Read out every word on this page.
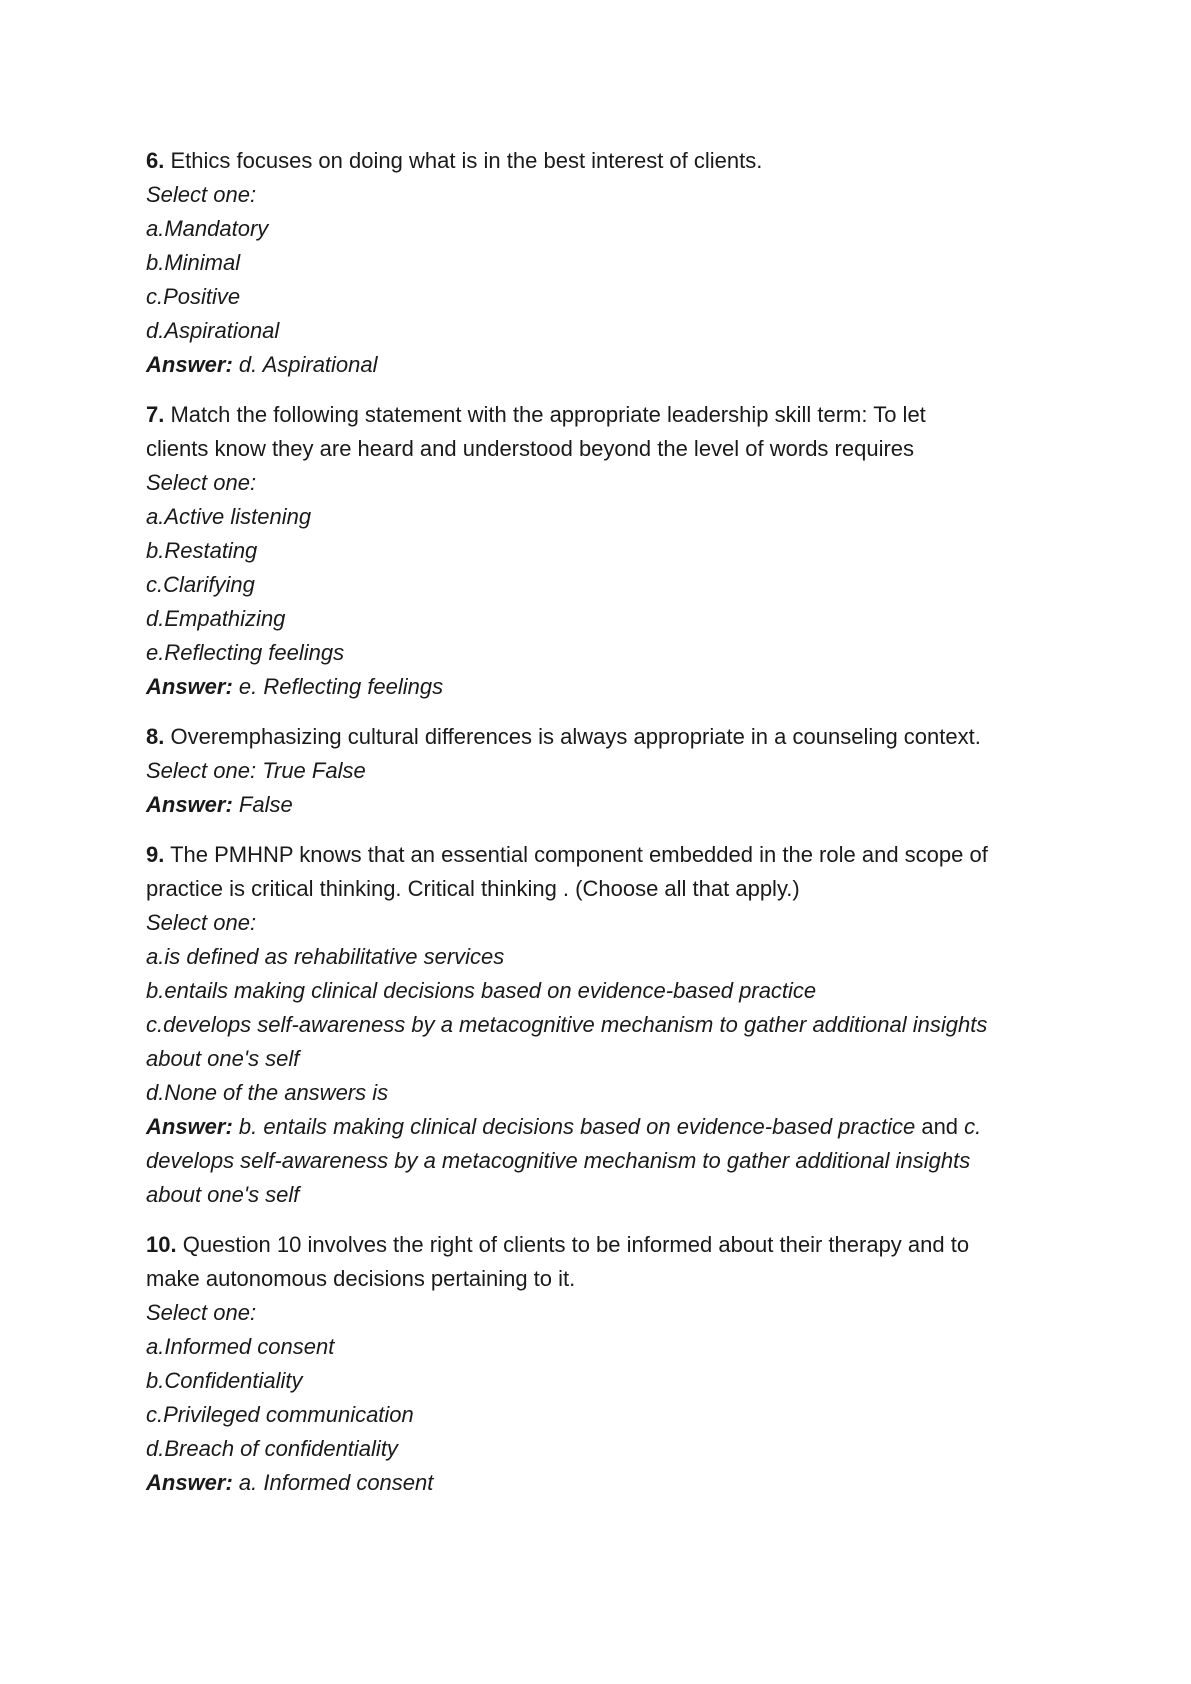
6. Ethics focuses on doing what is in the best interest of clients.
Select one:
a.Mandatory
b.Minimal
c.Positive
d.Aspirational
Answer: d. Aspirational
7. Match the following statement with the appropriate leadership skill term: To let
clients know they are heard and understood beyond the level of words requires
Select one:
a.Active listening
b.Restating
c.Clarifying
d.Empathizing
e.Reflecting feelings
Answer: e. Reflecting feelings
8. Overemphasizing cultural differences is always appropriate in a counseling context.
Select one: True False
Answer: False
9. The PMHNP knows that an essential component embedded in the role and scope of
practice is critical thinking. Critical thinking . (Choose all that apply.)
Select one:
a.is defined as rehabilitative services
b.entails making clinical decisions based on evidence-based practice
c.develops self-awareness by a metacognitive mechanism to gather additional insights
about one's self
d.None of the answers is
Answer: b. entails making clinical decisions based on evidence-based practice and c.
develops self-awareness by a metacognitive mechanism to gather additional insights
about one's self
10. Question 10 involves the right of clients to be informed about their therapy and to
make autonomous decisions pertaining to it.
Select one:
a.Informed consent
b.Confidentiality
c.Privileged communication
d.Breach of confidentiality
Answer: a. Informed consent
